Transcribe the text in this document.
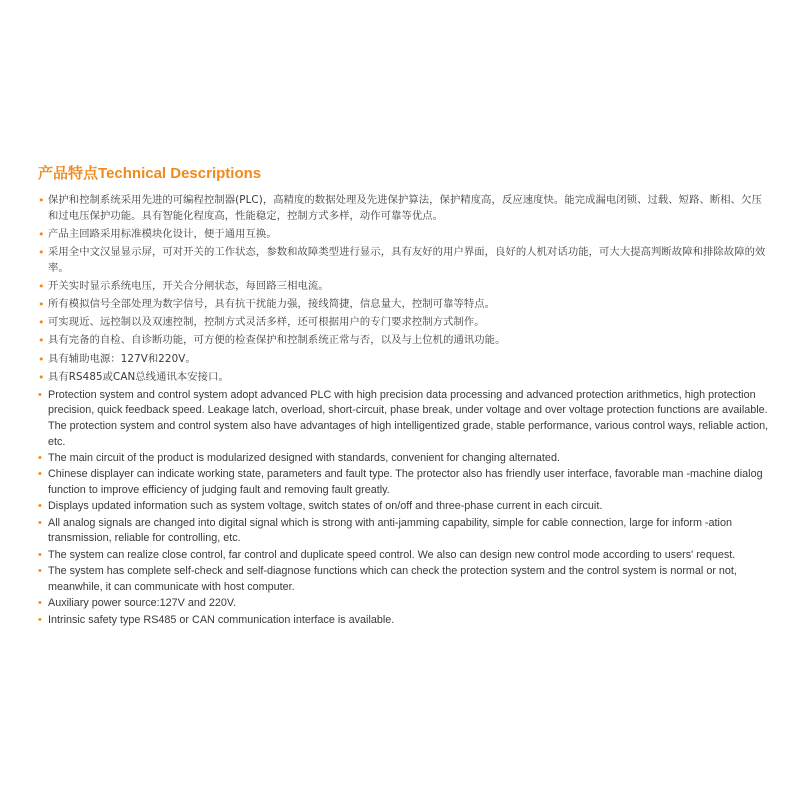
产品特点Technical Descriptions
• 保护和控制系统采用先进的可编程控制器(PLC)，高精度的数据处理及先进保护算法，保护精度高，反应速度快。能完成漏电闭锁、过载、短路、断相、欠压和过电压保护功能。具有智能化程度高，性能稳定，控制方式多样，动作可靠等优点。
• 产品主回路采用标准模块化设计，便于通用互换。
• 采用全中文汉显显示屏，可对开关的工作状态，参数和故障类型进行显示，具有友好的用户界面，良好的人机对话功能，可大大提高判断故障和排除故障的效率。
• 开关实时显示系统电压，开关合分闸状态，每回路三相电流。
• 所有模拟信号全部处理为数字信号，具有抗干扰能力强，接线简捷，信息量大，控制可靠等特点。
• 可实现近、远控制以及双速控制，控制方式灵活多样，还可根据用户的专门要求控制方式制作。
• 具有完备的自检、自诊断功能，可方便的检查保护和控制系统正常与否，以及与上位机的通讯功能。
• 具有辅助电源：127V和220V。
• 具有RS485或CAN总线通讯本安接口。
• Protection system and control system adopt advanced PLC with high precision data processing and advanced protection arithmetics, high protection precision, quick feedback speed. Leakage latch, overload, short-circuit, phase break, under voltage and over voltage protection functions are available. The protection system and control system also have advantages of high intelligentized grade, stable performance, various control ways, reliable action, etc.
• The main circuit of the product is modularized designed with standards, convenient for changing alternated.
• Chinese displayer can indicate working state, parameters and fault type. The protector also has friendly user interface, favorable man -machine dialog function to improve efficiency of judging fault and removing fault greatly.
• Displays updated information such as system voltage, switch states of on/off and three-phase current in each circuit.
• All analog signals are changed into digital signal which is strong with anti-jamming capability, simple for cable connection, large for inform -ation transmission, reliable for controlling, etc.
• The system can realize close control, far control and duplicate speed control. We also can design new control mode according to users' request.
• The system has complete self-check and self-diagnose functions which can check the protection system and the control system is normal or not, meanwhile, it can communicate with host computer.
• Auxiliary power source:127V and 220V.
• Intrinsic safety type RS485 or CAN communication interface is available.
